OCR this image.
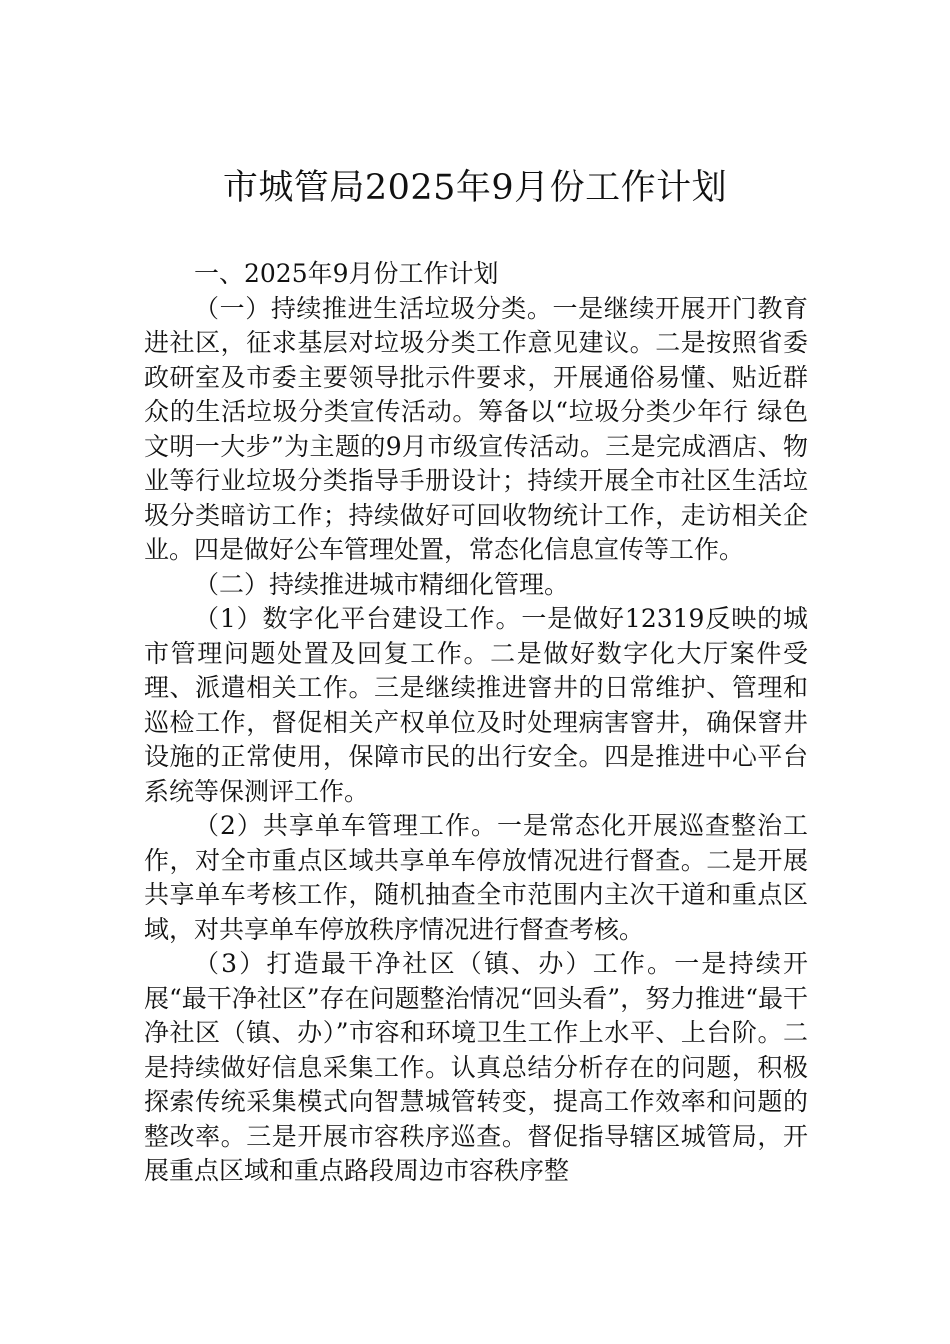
市城管局2025年9月份工作计划

一、2025年9月份工作计划

（一）持续推进生活垃圾分类。一是继续开展开门教育进社区，征求基层对垃圾分类工作意见建议。二是按照省委政研室及市委主要领导批示件要求，开展通俗易懂、贴近群众的生活垃圾分类宣传活动。筹备以“垃圾分类少年行 绿色文明一大步”为主题的9月市级宣传活动。三是完成酒店、物业等行业垃圾分类指导手册设计；持续开展全市社区生活垃圾分类暗访工作；持续做好可回收物统计工作，走访相关企业。四是做好公车管理处置，常态化信息宣传等工作。

（二）持续推进城市精细化管理。

（1）数字化平台建设工作。一是做好12319反映的城市管理问题处置及回复工作。二是做好数字化大厅案件受理、派遣相关工作。三是继续推进窨井的日常维护、管理和巡检工作，督促相关产权单位及时处理病害窨井，确保窨井设施的正常使用，保障市民的出行安全。四是推进中心平台系统等保测评工作。

（2）共享单车管理工作。一是常态化开展巡查整治工作，对全市重点区域共享单车停放情况进行督查。二是开展共享单车考核工作，随机抽查全市范围内主次干道和重点区域，对共享单车停放秩序情况进行督查考核。

（3）打造最干净社区（镇、办）工作。一是持续开展“最干净社区”存在问题整治情况“回头看”，努力推进“最干净社区（镇、办）”市容和环境卫生工作上水平、上台阶。二是持续做好信息采集工作。认真总结分析存在的问题，积极探索传统采集模式向智慧城管转变，提高工作效率和问题的整改率。三是开展市容秩序巡查。督促指导辖区城管局，开展重点区域和重点路段周边市容秩序整
